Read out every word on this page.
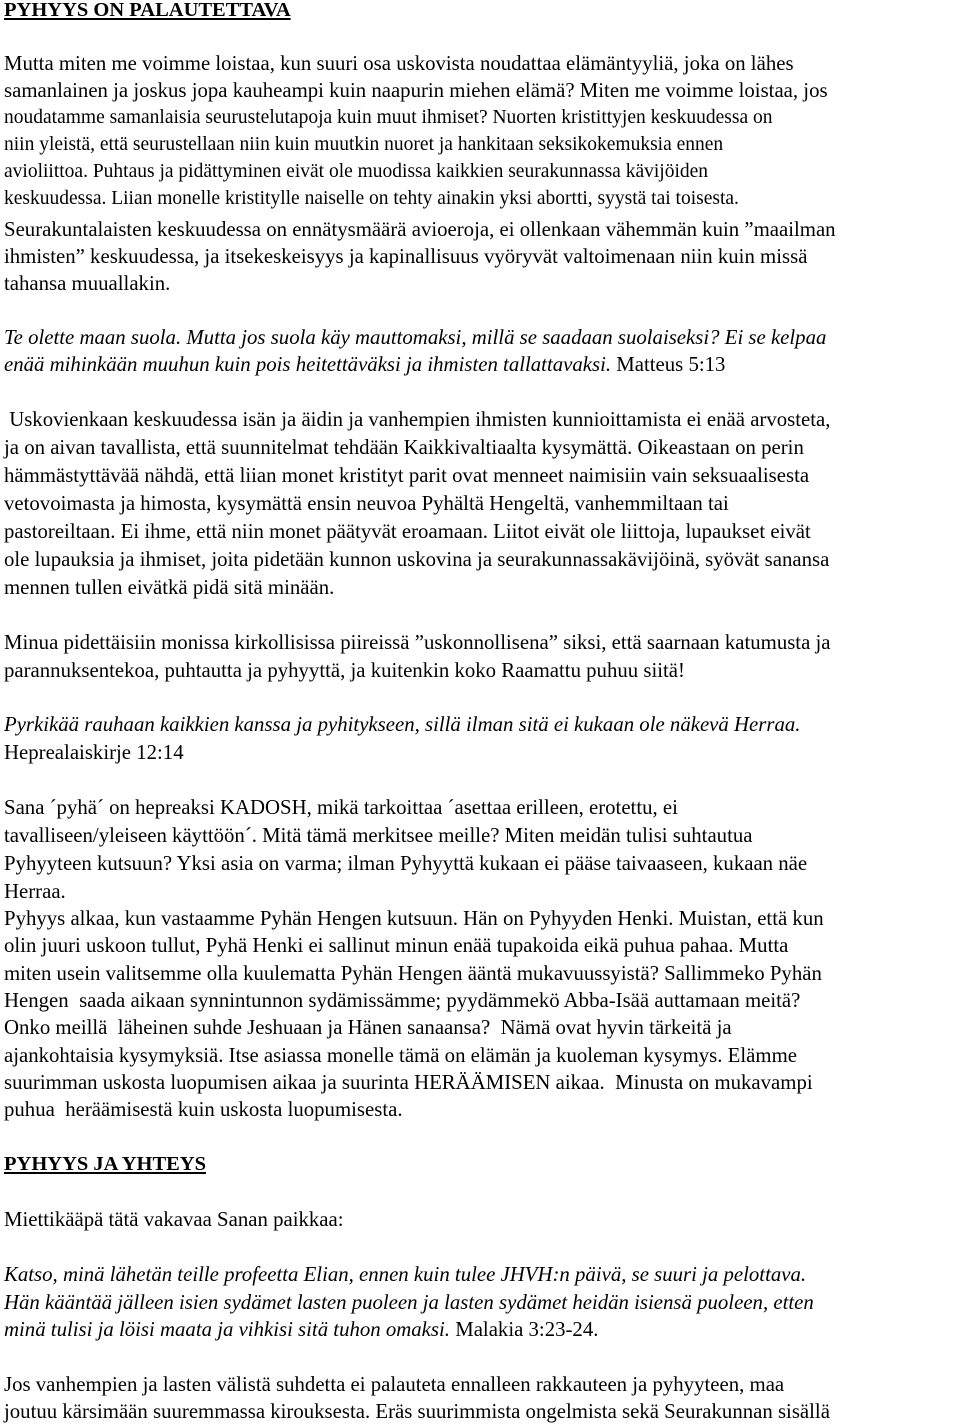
PYHYYS ON PALAUTETTAVA
Mutta miten me voimme loistaa, kun suuri osa uskovista noudattaa elämäntyyliä, joka on lähes
samanlainen ja joskus jopa kauheampi kuin naapurin miehen elämä? Miten me voimme loistaa, jos
noudatamme samanlaisia seurustelutapoja kuin muut ihmiset? Nuorten kristittyjen keskuudessa on
niin yleistä, että seurustellaan niin kuin muutkin nuoret ja hankitaan seksikokemuksia ennen
avioliittoa. Puhtaus ja pidättyminen eivät ole muodissa kaikkien seurakunnassa kävijöiden
keskuudessa. Liian monelle kristitylle naiselle on tehty ainakin yksi abortti, syystä tai toisesta.
Seurakuntalaisten keskuudessa on ennätysmäärä avioeroja, ei ollenkaan vähemmän kuin ”maailman
ihmisten” keskuudessa, ja itsekeskeisyys ja kapinallisuus vyöryvät valtoimenaan niin kuin missä
tahansa muuallakin.
Te olette maan suola. Mutta jos suola käy mauttomaksi, millä se saadaan suolaiseksi? Ei se kelpaa
enää mihinkään muuhun kuin pois heitettäväksi ja ihmisten tallattavaksi. Matteus 5:13
Uskovienkaan keskuudessa isän ja äidin ja vanhempien ihmisten kunnioittamista ei enää arvosteta,
ja on aivan tavallista, että suunnitelmat tehdään Kaikkivaltiaalta kysymättä. Oikeastaan on perin
hämmästyttävää nähdä, että liian monet kristityt parit ovat menneet naimisiin vain seksuaalisesta
vetovoimasta ja himosta, kysymättä ensin neuvoa Pyhältä Hengeltä, vanhemmiltaan tai
pastoreiltaan. Ei ihme, että niin monet päätyvät eroamaan. Liitot eivät ole liittoja, lupaukset eivät
ole lupauksia ja ihmiset, joita pidetään kunnon uskovina ja seurakunnassakävijöinä, syövät sanansa
mennen tullen eivätkä pidä sitä minään.
Minua pidettäisiin monissa kirkollisissa piireissä ”uskonnollisena” siksi, että saarnaan katumusta ja
parannuksentekoa, puhtautta ja pyhyyttä, ja kuitenkin koko Raamattu puhuu siitä!
Pyrkikää rauhaan kaikkien kanssa ja pyhitykseen, sillä ilman sitä ei kukaan ole näkevä Herraa.
Heprealaiskirje 12:14
Sana ´pyhä´ on hepreaksi KADOSH, mikä tarkoittaa ´asettaa erilleen, erotettu, ei
tavalliseen/yleiseen käyttöön´. Mitä tämä merkitsee meille? Miten meidän tulisi suhtautua
Pyhyyteen kutsuun? Yksi asia on varma; ilman Pyhyyttä kukaan ei pääse taivaaseen, kukaan näe
Herraa.
Pyhyys alkaa, kun vastaamme Pyhän Hengen kutsuun. Hän on Pyhyyden Henki. Muistan, että kun
olin juuri uskoon tullut, Pyhä Henki ei sallinut minun enää tupakoida eikä puhua pahaa. Mutta
miten usein valitsemme olla kuulematta Pyhän Hengen ääntä mukavuussyistä? Sallimmeko Pyhän
Hengen  saada aikaan synnintunnon sydämissämme; pyydämmekö Abba-Isää auttamaan meitä?
Onko meillä  läheinen suhde Jeshuaan ja Hänen sanaansa?  Nämä ovat hyvin tärkeitä ja
ajankohtaisia kysymyksiä. Itse asiassa monelle tämä on elämän ja kuoleman kysymys. Elämme
suurimman uskosta luopumisen aikaa ja suurinta HERÄÄMISEN aikaa.  Minusta on mukavampi
puhua  heräämisestä kuin uskosta luopumisesta.
PYHYYS JA YHTEYS
Miettikääpä tätä vakavaa Sanan paikkaa:
Katso, minä lähetän teille profeetta Elian, ennen kuin tulee JHVH:n päivä, se suuri ja pelottava.
Hän kääntää jälleen isien sydämet lasten puoleen ja lasten sydämet heidän isiensä puoleen, etten
minä tulisi ja löisi maata ja vihkisi sitä tuhon omaksi. Malakia 3:23-24.
Jos vanhempien ja lasten välistä suhdetta ei palauteta ennalleen rakkauteen ja pyhyyteen, maa
joutuu kärsimään suuremmassa kirouksesta. Eräs suurimmista ongelmista sekä Seurakunnan sisällä
